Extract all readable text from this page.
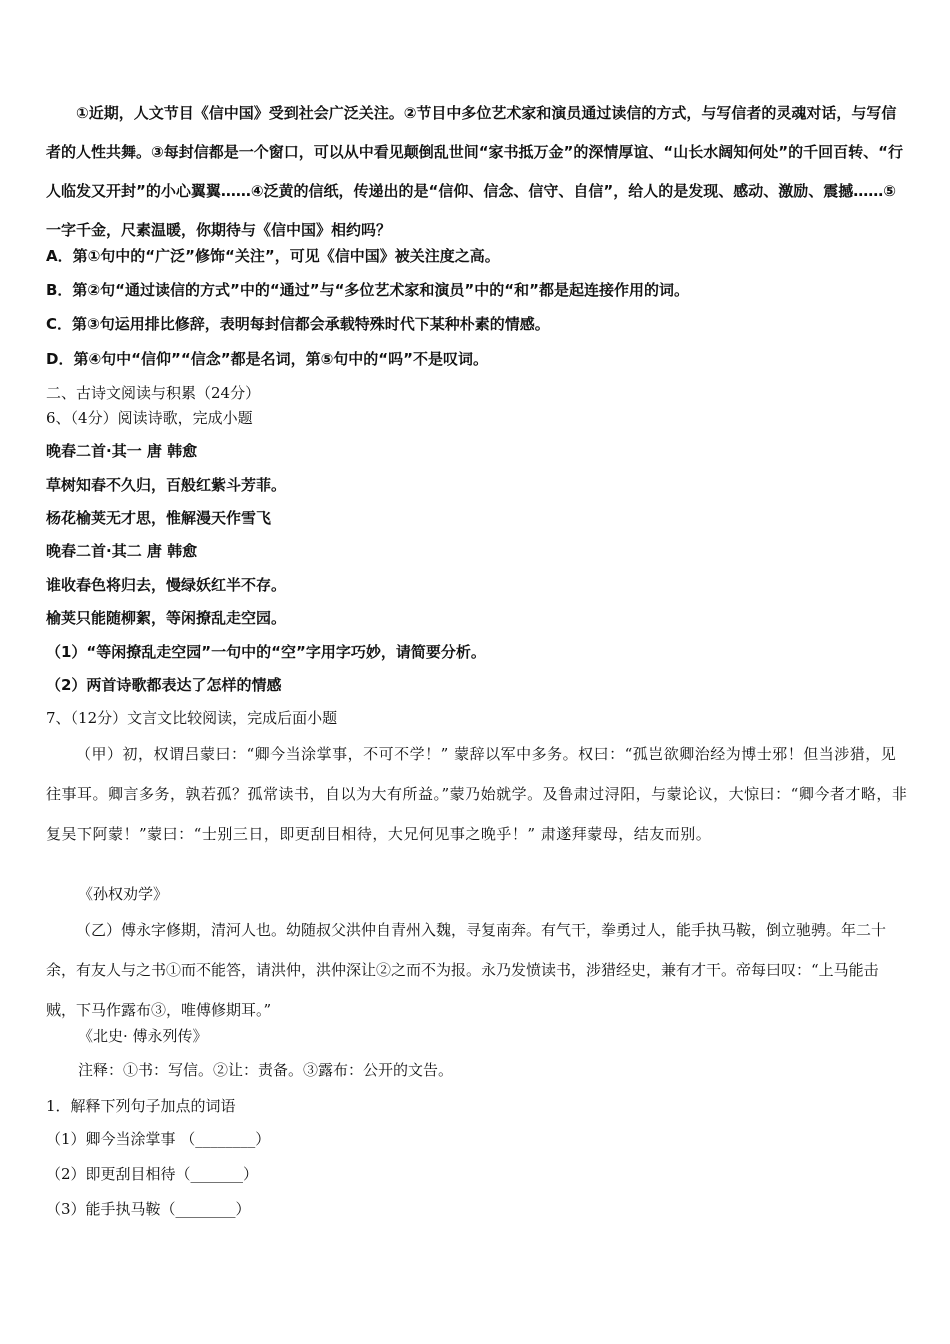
①近期，人文节目《信中国》受到社会广泛关注。②节目中多位艺术家和演员通过读信的方式，与写信者的灵魂对话，与写信者的人性共舞。③每封信都是一个窗口，可以从中看见颠倒乱世间“家书抵万金”的深情厚谊、“山长水阔知何处”的千回百转、“行人临发又开封”的小心翼翼……④泛黄的信纸，传递出的是“信仰、信念、信守、自信”，给人的是发现、感动、激励、震撼……⑤一字千金，尺素温暖，你期待与《信中国》相约吗？

A．第①句中的“广泛”修饰“关注”，可见《信中国》被关注度之高。

B．第②句“通过读信的方式”中的“通过”与“多位艺术家和演员”中的“和”都是起连接作用的词。

C．第③句运用排比修辞，表明每封信都会承载特殊时代下某种朴素的情感。

D．第④句中“信仰”“信念”都是名词，第⑤句中的“吗”不是叹词。

二、古诗文阅读与积累（24分）

6、（4分）阅读诗歌，完成小题

晚春二首·其一 唐 韩愈

草树知春不久归，百般红紫斗芳菲。

杨花榆荚无才思，惟解漫天作雪飞

晚春二首·其二 唐 韩愈

谁收春色将归去，慢绿妖红半不存。

榆荚只能随柳絮，等闲撩乱走空园。

（1）“等闲撩乱走空园”一句中的“空”字用字巧妙，请简要分析。

（2）两首诗歌都表达了怎样的情感

7、（12分）文言文比较阅读，完成后面小题

（甲）初，权谓吕蒙曰：“卿今当涂掌事，不可不学！” 蒙辞以军中多务。权曰：“孤岂欲卿治经为博士邪！但当涉猎，见往事耳。卿言多务，孰若孤？孤常读书，自以为大有所益。”蒙乃始就学。及鲁肃过浔阳，与蒙论议，大惊曰：“卿今者才略，非复吴下阿蒙！”蒙曰：“士别三日，即更刮目相待，大兄何见事之晚乎！” 肃遂拜蒙母，结友而别。

《孙权劝学》

（乙）傅永字修期，清河人也。幼随叔父洪仲自青州入魏，寻复南奔。有气干，拳勇过人，能手执马鞍，倒立驰骋。年二十余，有友人与之书①而不能答，请洪仲，洪仲深让②之而不为报。永乃发愤读书，涉猎经史，兼有才干。帝每曰叹：“上马能击贼，下马作露布③，唯傅修期耳。”

《北史· 傅永列传》

注释：①书：写信。②让：责备。③露布：公开的文告。

1．解释下列句子加点的词语

（1）卿今当涂掌事 （________）

（2）即更刮目相待（_______）

（3）能手执马鞍（________）
